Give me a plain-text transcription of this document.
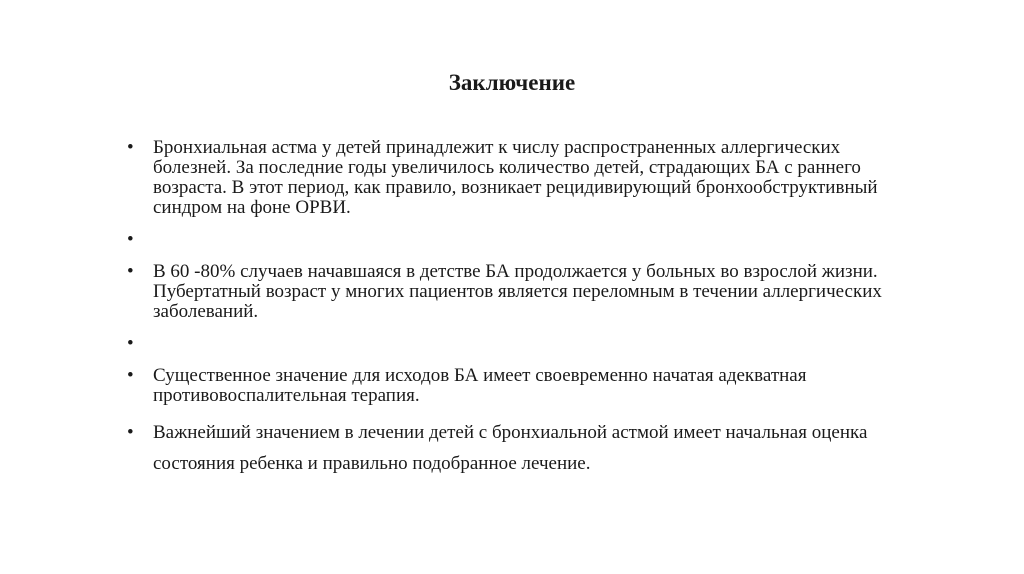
Заключение
• Бронхиальная астма у детей принадлежит к числу распространенных аллергических болезней. За последние годы увеличилось количество детей, страдающих БА с раннего возраста. В этот период, как правило, возникает рецидивирующий бронхообструктивный синдром на фоне ОРВИ.
•
• В 60 -80% случаев начавшаяся в детстве БА продолжается у больных во взрослой жизни. Пубертатный возраст у многих пациентов является переломным в течении аллергических заболеваний.
•
• Существенное значение для исходов БА имеет своевременно начатая адекватная противовоспалительная терапия.
• Важнейший значением в лечении детей с бронхиальной астмой имеет начальная оценка состояния ребенка и правильно подобранное лечение.
